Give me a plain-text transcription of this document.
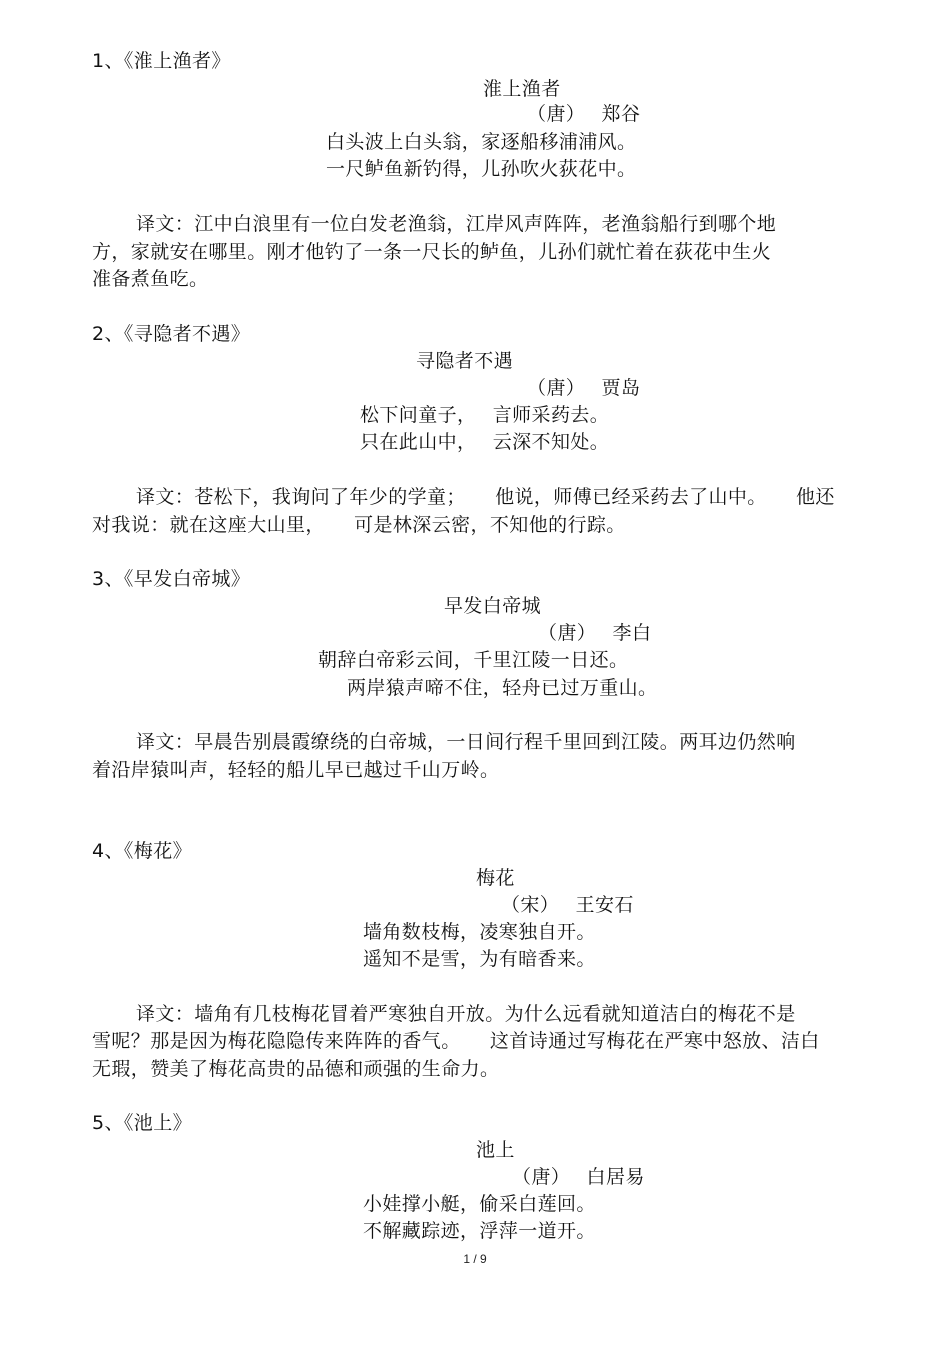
1、《淮上渔者》
淮上渔者
（唐）　 郑谷
白头波上白头翁，家逐船移浦浦风。
一尺鲈鱼新钓得，儿孙吹火荻花中。
译文：江中白浪里有一位白发老渔翁，江岸风声阵阵，老渔翁船行到哪个地
方，家就安在哪里。刚才他钓了一条一尺长的鲈鱼，儿孙们就忙着在荻花中生火
准备煮鱼吃。
2、《寻隐者不遇》
寻隐者不遇
（唐）　 贾岛
松下问童子，　 言师采药去。
只在此山中，　 云深不知处。
译文：苍松下，我询问了年少的学童；　　他说，师傅已经采药去了山中。　　他还
对我说：就在这座大山里，　　可是林深云密，不知他的行踪。
3、《早发白帝城》
早发白帝城
（唐）　 李白
朝辞白帝彩云间，千里江陵一日还。
两岸猿声啼不住，轻舟已过万重山。
译文：早晨告别晨霞缭绕的白帝城，一日间行程千里回到江陵。两耳边仍然响
着沿岸猿叫声，轻轻的船儿早已越过千山万岭。
4、《梅花》
梅花
（宋）　 王安石
墙角数枝梅，凌寒独自开。
遥知不是雪，为有暗香来。
译文：墙角有几枝梅花冒着严寒独自开放。为什么远看就知道洁白的梅花不是
雪呢？那是因为梅花隐隐传来阵阵的香气。　　这首诗通过写梅花在严寒中怒放、洁白
无瑕，赞美了梅花高贵的品德和顽强的生命力。
5、《池上》
池上
（唐）　 白居易
小娃撑小艇，偷采白莲回。
不解藏踪迹，浮萍一道开。
1 / 9
